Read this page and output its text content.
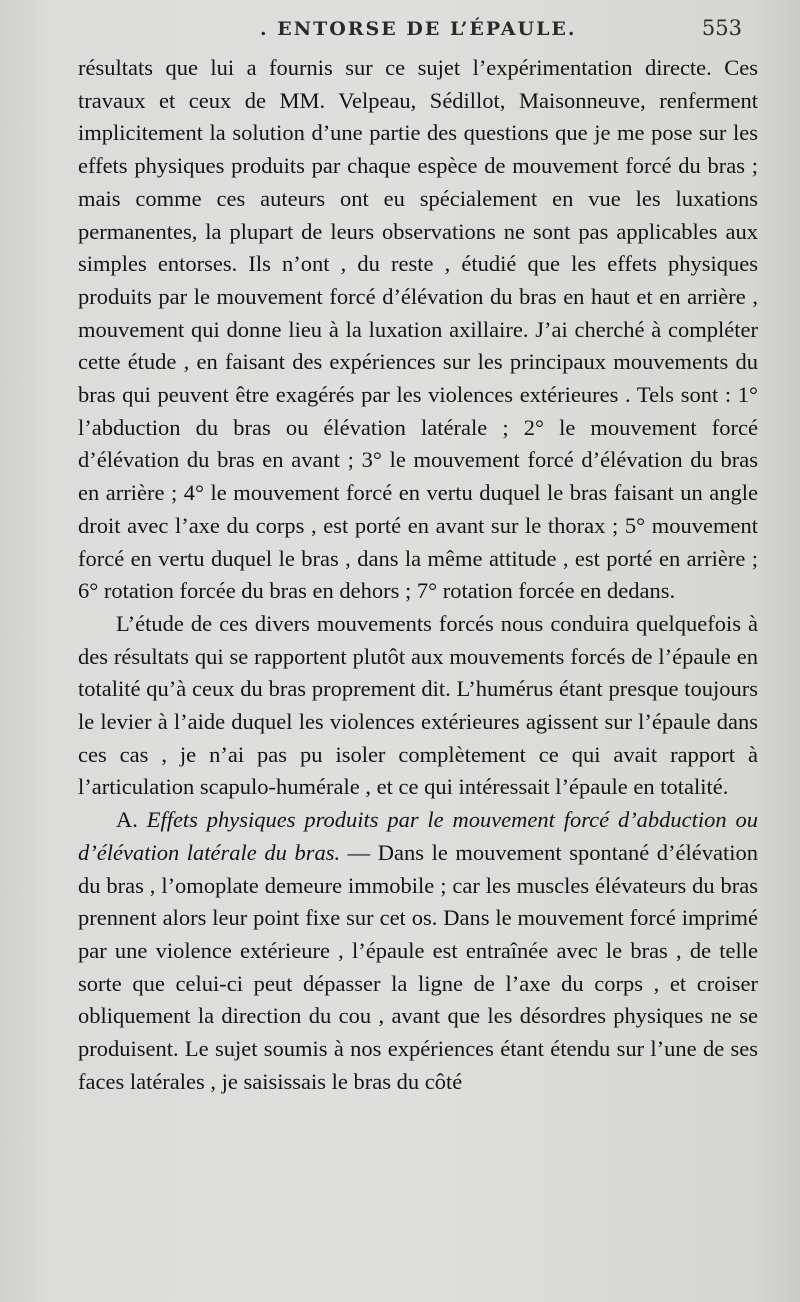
. ENTORSE DE L’ÉPAULE.	553

résultats que lui a fournis sur ce sujet l’expérimentation directe. Ces travaux et ceux de MM. Velpeau, Sédillot, Maisonneuve, renferment implicitement la solution d’une partie des questions que je me pose sur les effets physiques produits par chaque espèce de mouvement forcé du bras ; mais comme ces auteurs ont eu spécialement en vue les luxations permanentes, la plupart de leurs observations ne sont pas applicables aux simples entorses. Ils n’ont , du reste , étudié que les effets physiques produits par le mouvement forcé d’élévation du bras en haut et en arrière , mouvement qui donne lieu à la luxation axillaire. J’ai cherché à compléter cette étude , en faisant des expériences sur les principaux mouvements du bras qui peuvent être exagérés par les violences extérieures . Tels sont : 1° l’abduction du bras ou élévation latérale ; 2° le mouvement forcé d’élévation du bras en avant ; 3° le mouvement forcé d’élévation du bras en arrière ; 4° le mouvement forcé en vertu duquel le bras faisant un angle droit avec l’axe du corps , est porté en avant sur le thorax ; 5° mouvement forcé en vertu duquel le bras , dans la même attitude , est porté en arrière ; 6° rotation forcée du bras en dehors ; 7° rotation forcée en dedans.

L’étude de ces divers mouvements forcés nous conduira quelquefois à des résultats qui se rapportent plutôt aux mouvements forcés de l’épaule en totalité qu’à ceux du bras proprement dit. L’humérus étant presque toujours le levier à l’aide duquel les violences extérieures agissent sur l’épaule dans ces cas , je n’ai pas pu isoler complètement ce qui avait rapport à l’articulation scapulo-humérale , et ce qui intéressait l’épaule en totalité.

A. Effets physiques produits par le mouvement forcé d’abduction ou d’élévation latérale du bras. — Dans le mouvement spontané d’élévation du bras , l’omoplate demeure immobile ; car les muscles élévateurs du bras prennent alors leur point fixe sur cet os. Dans le mouvement forcé imprimé par une violence extérieure , l’épaule est entraînée avec le bras , de telle sorte que celui-ci peut dépasser la ligne de l’axe du corps , et croiser obliquement la direction du cou , avant que les désordres physiques ne se produisent. Le sujet soumis à nos expériences étant étendu sur l’une de ses faces latérales , je saisissais le bras du côté
